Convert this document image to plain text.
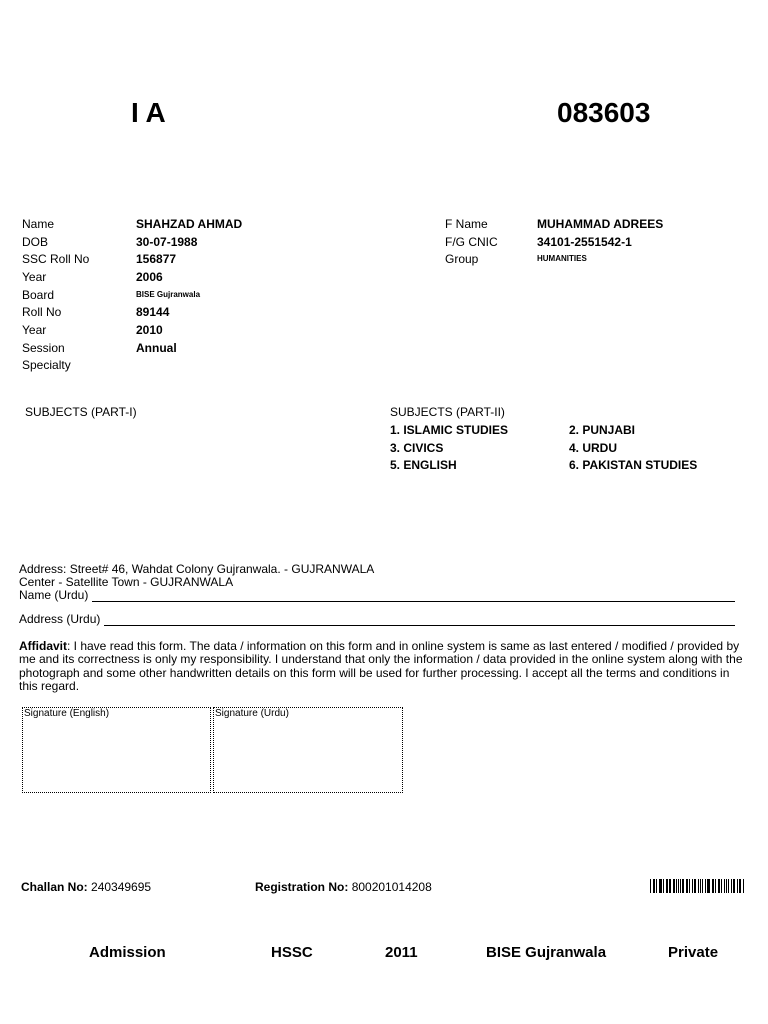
I A	083603
Name	SHAHZAD AHMAD
DOB	30-07-1988
SSC Roll No	156877
Year	2006
Board	BISE Gujranwala
Roll No	89144
Year	2010
Session	Annual
Specialty
F Name	MUHAMMAD ADREES
F/G CNIC	34101-2551542-1
Group	HUMANITIES
SUBJECTS (PART-I)	SUBJECTS (PART-II)
1. ISLAMIC STUDIES	2. PUNJABI
3. CIVICS	4. URDU
5. ENGLISH	6. PAKISTAN STUDIES
Address: Street# 46, Wahdat Colony Gujranwala. - GUJRANWALA
Center - Satellite Town - GUJRANWALA
Name (Urdu)
Address (Urdu)
Affidavit: I have read this form. The data / information on this form and in online system is same as last entered / modified / provided by me and its correctness is only my responsibility. I understand that only the information / data provided in the online system along with the photograph and some other handwritten details on this form will be used for further processing. I accept all the terms and conditions in this regard.
Signature (English)	Signature (Urdu)
Challan No: 240349695	Registration No: 800201014208
Admission	HSSC	2011	BISE Gujranwala	Private
